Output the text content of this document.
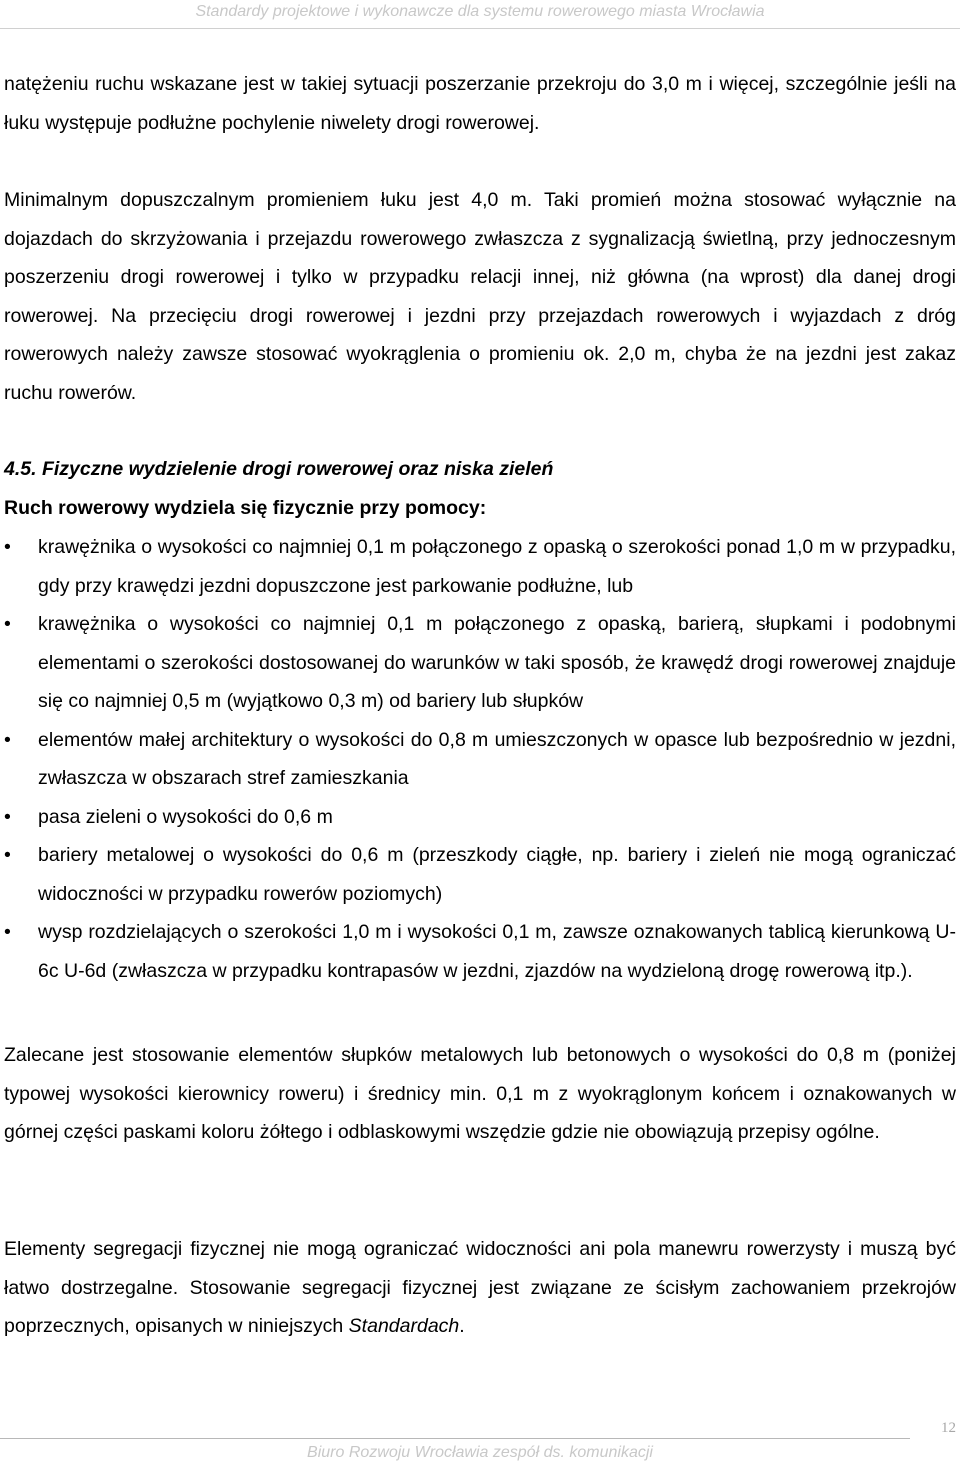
Standardy projektowe i wykonawcze dla systemu rowerowego miasta Wrocławia
natężeniu ruchu wskazane jest w takiej sytuacji poszerzanie przekroju do 3,0 m i więcej, szczególnie jeśli na łuku występuje podłużne pochylenie niwelety drogi rowerowej.
Minimalnym dopuszczalnym promieniem łuku jest 4,0 m. Taki promień można stosować wyłącznie na dojazdach do skrzyżowania i przejazdu rowerowego zwłaszcza z sygnalizacją świetlną, przy jednoczesnym poszerzeniu drogi rowerowej i tylko w przypadku relacji innej, niż główna (na wprost) dla danej drogi rowerowej. Na przecięciu drogi rowerowej i jezdni przy przejazdach rowerowych i wyjazdach z dróg rowerowych należy zawsze stosować wyokrąglenia o promieniu ok. 2,0 m, chyba że na jezdni jest zakaz ruchu rowerów.
4.5. Fizyczne wydzielenie drogi rowerowej oraz niska zieleń
Ruch rowerowy wydziela się fizycznie przy pomocy:
•	krawężnika o wysokości co najmniej 0,1 m połączonego z opaską o szerokości ponad 1,0 m w przypadku, gdy przy krawędzi jezdni dopuszczone jest parkowanie podłużne, lub
•	krawężnika o wysokości co najmniej 0,1 m połączonego z opaską, barierą, słupkami i podobnymi elementami o szerokości dostosowanej do warunków w taki sposób, że krawędź drogi rowerowej znajduje się co najmniej 0,5 m (wyjątkowo 0,3 m) od bariery lub słupków
•	elementów małej architektury o wysokości do 0,8 m umieszczonych w opasce lub bezpośrednio w jezdni, zwłaszcza w obszarach stref zamieszkania
•	pasa zieleni o wysokości do 0,6 m
•	bariery metalowej o wysokości do 0,6 m (przeszkody ciągłe, np. bariery i zieleń nie mogą ograniczać widoczności w przypadku rowerów poziomych)
•	wysp rozdzielających o szerokości 1,0 m i wysokości 0,1 m, zawsze oznakowanych tablicą kierunkową U-6c U-6d (zwłaszcza w przypadku kontrapasów w jezdni, zjazdów na wydzieloną drogę rowerową itp.).
Zalecane jest stosowanie elementów słupków metalowych lub betonowych o wysokości do 0,8 m (poniżej typowej wysokości kierownicy roweru) i średnicy min. 0,1 m z wyokrąglonym końcem i oznakowanych w górnej części paskami koloru żółtego i odblaskowymi wszędzie gdzie nie obowiązują przepisy ogólne.
Elementy segregacji fizycznej nie mogą ograniczać widoczności ani pola manewru rowerzysty i muszą być łatwo dostrzegalne. Stosowanie segregacji fizycznej jest związane ze ścisłym zachowaniem przekrojów poprzecznych, opisanych w niniejszych Standardach.
12
Biuro Rozwoju Wrocławia zespół ds. komunikacji
